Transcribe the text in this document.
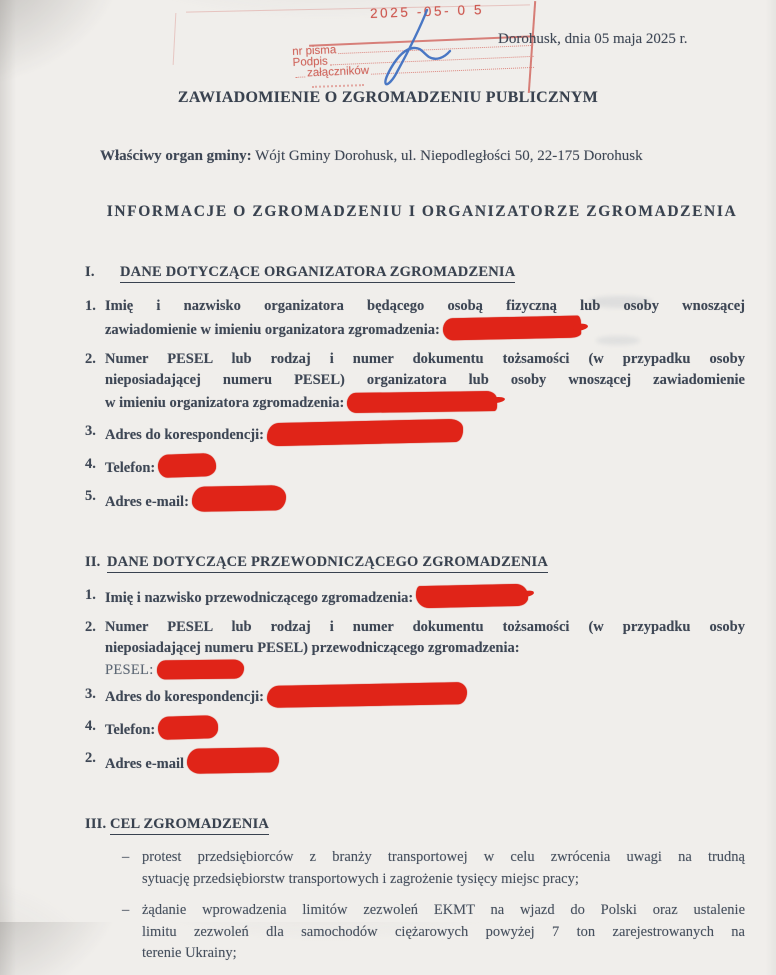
2025 -05- 0 5
nr pisma
Podpis
załączników
Dorohusk, dnia 05 maja 2025 r.
ZAWIADOMIENIE O ZGROMADZENIU PUBLICZNYM
Właściwy organ gminy: Wójt Gminy Dorohusk, ul. Niepodległości 50, 22-175 Dorohusk
INFORMACJE O ZGROMADZENIU I ORGANIZATORZE ZGROMADZENIA
I. DANE DOTYCZĄCE ORGANIZATORA ZGROMADZENIA
1. Imię i nazwisko organizatora będącego osobą fizyczną lub osoby wnoszącej
zawiadomienie w imieniu organizatora zgromadzenia:
2. Numer PESEL lub rodzaj i numer dokumentu tożsamości (w przypadku osoby
nieposiadającej numeru PESEL) organizatora lub osoby wnoszącej zawiadomienie
w imieniu organizatora zgromadzenia:
3. Adres do korespondencji:
4. Telefon:
5. Adres e-mail:
II. DANE DOTYCZĄCE PRZEWODNICZĄCEGO ZGROMADZENIA
1. Imię i nazwisko przewodniczącego zgromadzenia:
2. Numer PESEL lub rodzaj i numer dokumentu tożsamości (w przypadku osoby
nieposiadającej numeru PESEL) przewodniczącego zgromadzenia:
PESEL:
3. Adres do korespondencji:
4. Telefon:
2. Adres e-mail
III. CEL ZGROMADZENIA
– protest przedsiębiorców z branży transportowej w celu zwrócenia uwagi na trudną
sytuację przedsiębiorstw transportowych i zagrożenie tysięcy miejsc pracy;
– żądanie wprowadzenia limitów zezwoleń EKMT na wjazd do Polski oraz ustalenie
limitu zezwoleń dla samochodów ciężarowych powyżej 7 ton zarejestrowanych na
terenie Ukrainy;
